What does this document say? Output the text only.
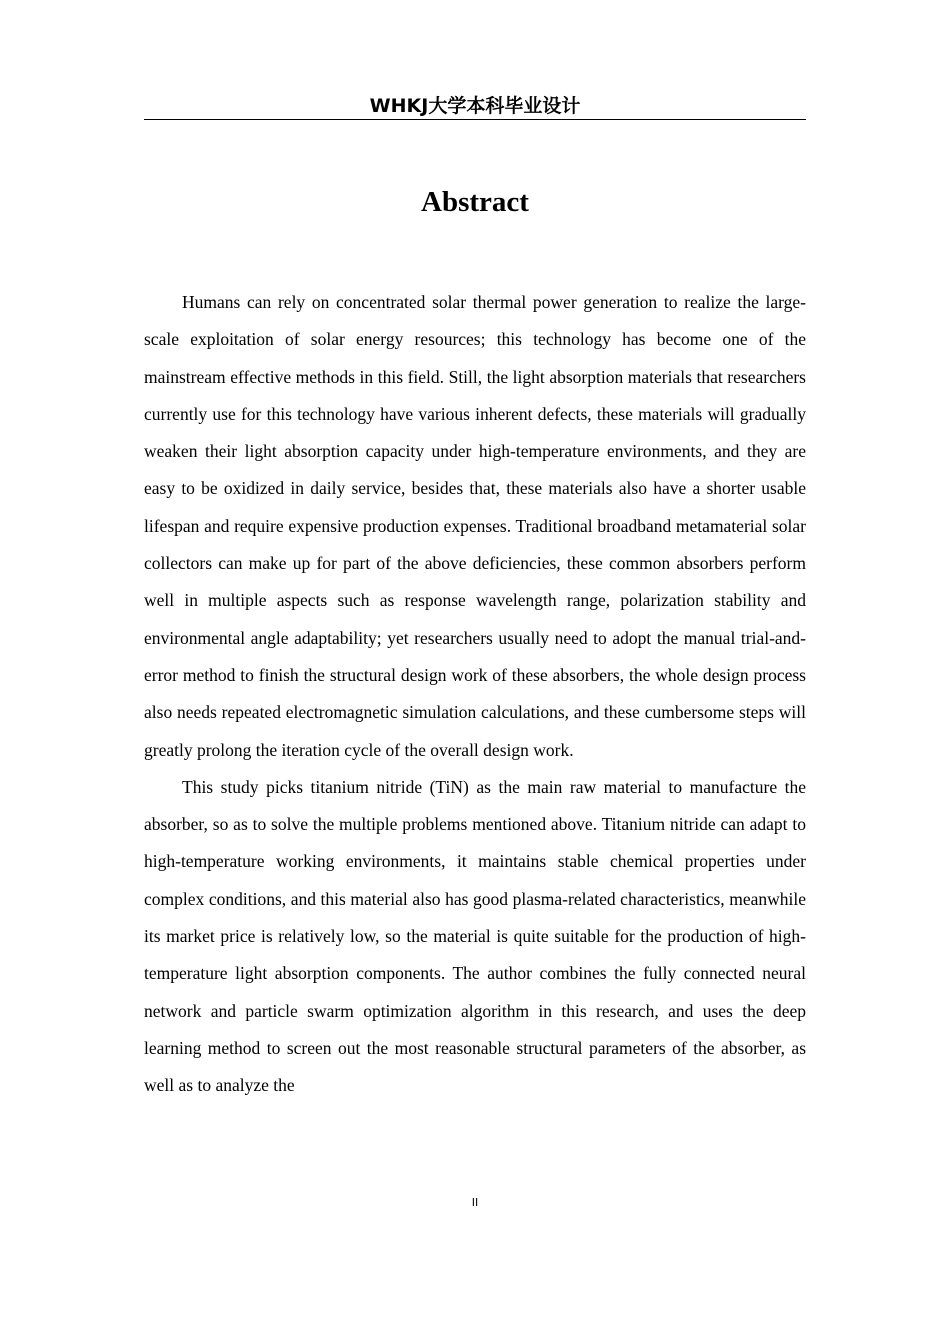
WHKJ大学本科毕业设计
Abstract

Humans can rely on concentrated solar thermal power generation to realize the large-scale exploitation of solar energy resources; this technology has become one of the mainstream effective methods in this field. Still, the light absorption materials that researchers currently use for this technology have various inherent defects, these materials will gradually weaken their light absorption capacity under high-temperature environments, and they are easy to be oxidized in daily service, besides that, these materials also have a shorter usable lifespan and require expensive production expenses. Traditional broadband metamaterial solar collectors can make up for part of the above deficiencies, these common absorbers perform well in multiple aspects such as response wavelength range, polarization stability and environmental angle adaptability; yet researchers usually need to adopt the manual trial-and-error method to finish the structural design work of these absorbers, the whole design process also needs repeated electromagnetic simulation calculations, and these cumbersome steps will greatly prolong the iteration cycle of the overall design work.

This study picks titanium nitride (TiN) as the main raw material to manufacture the absorber, so as to solve the multiple problems mentioned above. Titanium nitride can adapt to high-temperature working environments, it maintains stable chemical properties under complex conditions, and this material also has good plasma-related characteristics, meanwhile its market price is relatively low, so the material is quite suitable for the production of high-temperature light absorption components. The author combines the fully connected neural network and particle swarm optimization algorithm in this research, and uses the deep learning method to screen out the most reasonable structural parameters of the absorber, as well as to analyze the

II
